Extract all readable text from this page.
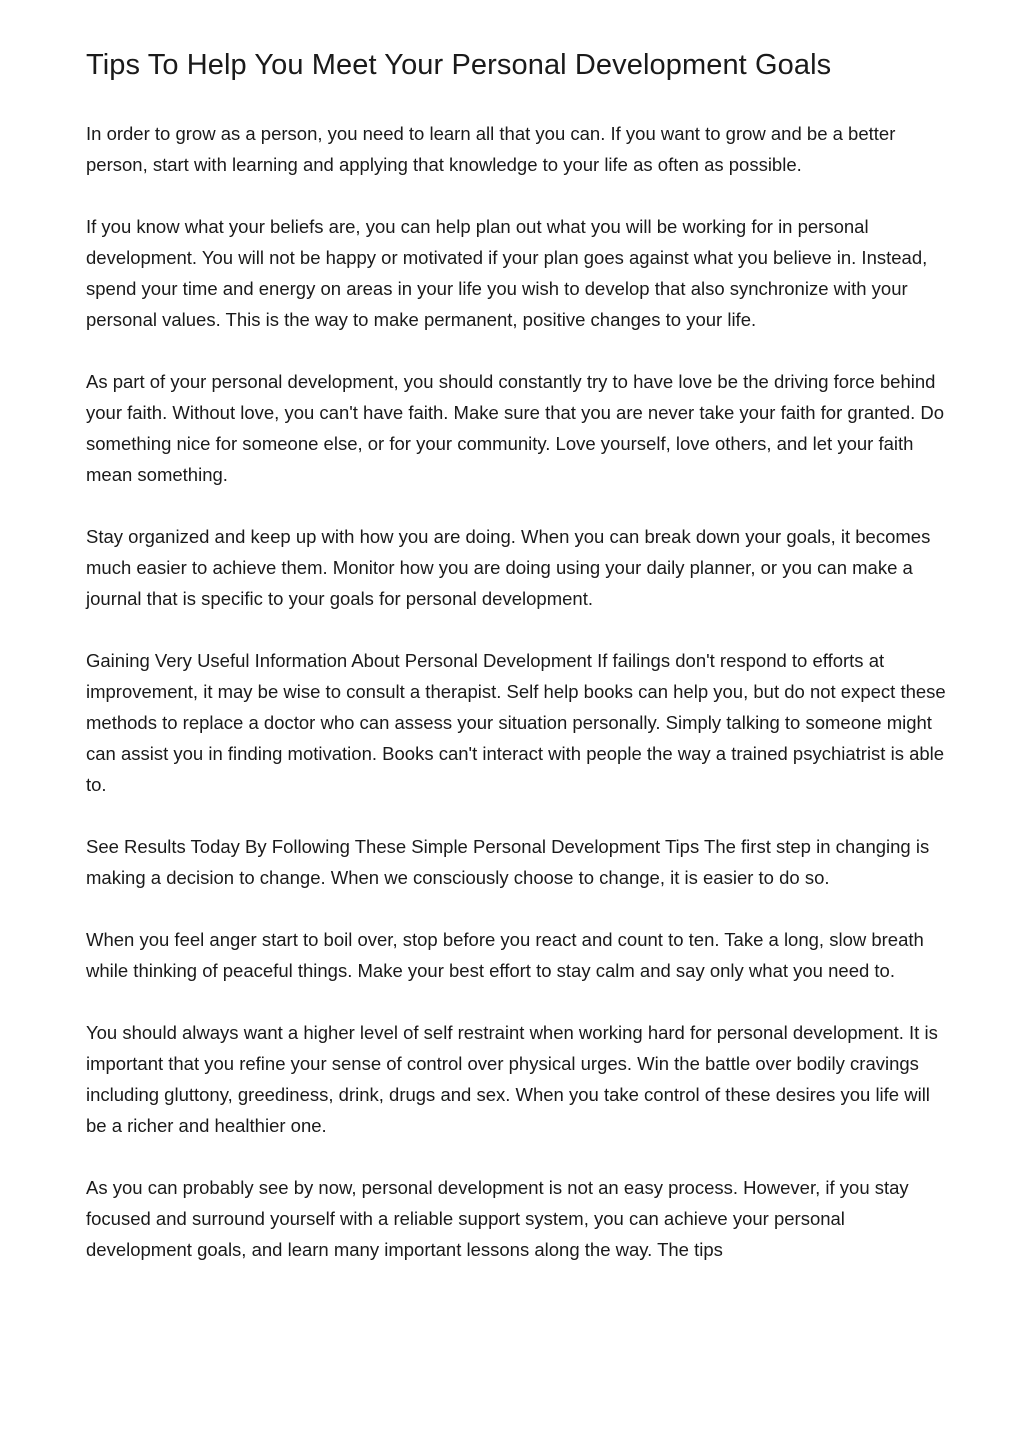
Tips To Help You Meet Your Personal Development Goals

In order to grow as a person, you need to learn all that you can. If you want to grow and be a better person, start with learning and applying that knowledge to your life as often as possible.

If you know what your beliefs are, you can help plan out what you will be working for in personal development. You will not be happy or motivated if your plan goes against what you believe in. Instead, spend your time and energy on areas in your life you wish to develop that also synchronize with your personal values. This is the way to make permanent, positive changes to your life.

As part of your personal development, you should constantly try to have love be the driving force behind your faith. Without love, you can't have faith. Make sure that you are never take your faith for granted. Do something nice for someone else, or for your community. Love yourself, love others, and let your faith mean something.

Stay organized and keep up with how you are doing. When you can break down your goals, it becomes much easier to achieve them. Monitor how you are doing using your daily planner, or you can make a journal that is specific to your goals for personal development.

Gaining Very Useful Information About Personal Development If failings don't respond to efforts at improvement, it may be wise to consult a therapist. Self help books can help you, but do not expect these methods to replace a doctor who can assess your situation personally. Simply talking to someone might can assist you in finding motivation. Books can't interact with people the way a trained psychiatrist is able to.

See Results Today By Following These Simple Personal Development Tips The first step in changing is making a decision to change. When we consciously choose to change, it is easier to do so.

When you feel anger start to boil over, stop before you react and count to ten. Take a long, slow breath while thinking of peaceful things. Make your best effort to stay calm and say only what you need to.

You should always want a higher level of self restraint when working hard for personal development. It is important that you refine your sense of control over physical urges. Win the battle over bodily cravings including gluttony, greediness, drink, drugs and sex. When you take control of these desires you life will be a richer and healthier one.

As you can probably see by now, personal development is not an easy process. However, if you stay focused and surround yourself with a reliable support system, you can achieve your personal development goals, and learn many important lessons along the way. The tips
